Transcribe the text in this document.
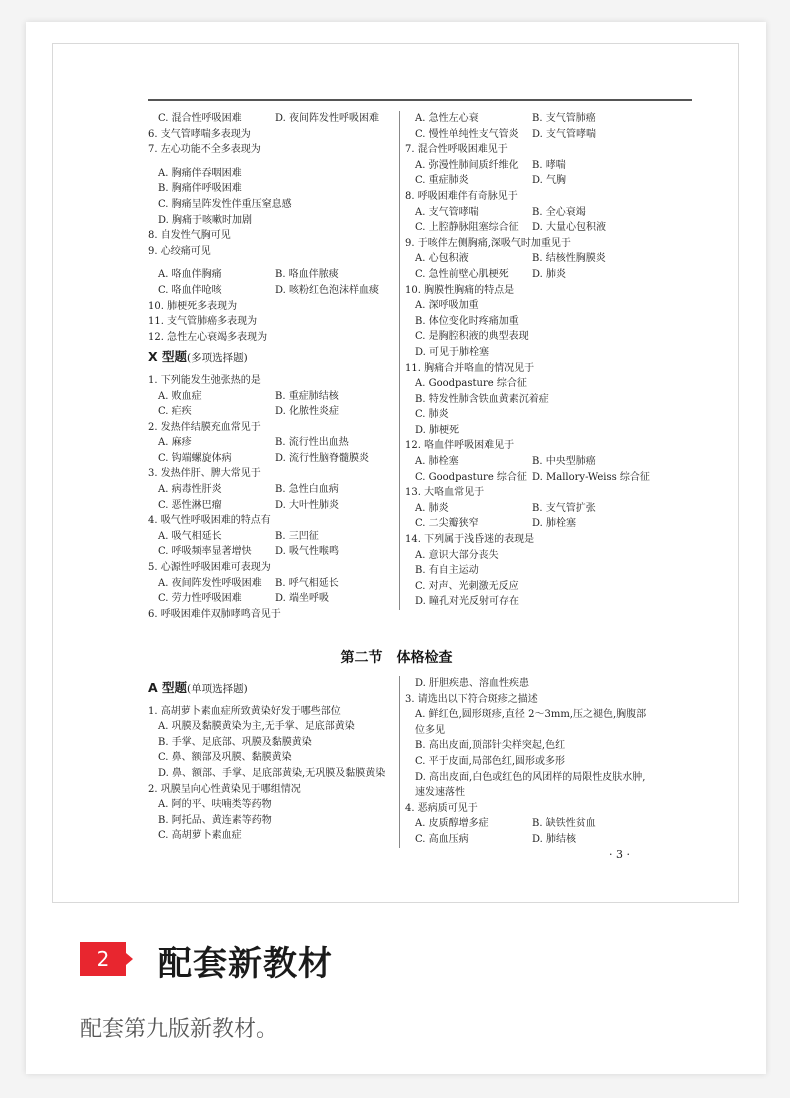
C. 混合性呼吸困难	D. 夜间阵发性呼吸困难
6. 支气管哮喘多表现为
7. 左心功能不全多表现为
A. 胸痛伴吞咽困难
B. 胸痛伴呼吸困难
C. 胸痛呈阵发性伴重压窒息感
D. 胸痛于咳嗽时加剧
8. 自发性气胸可见
9. 心绞痛可见
A. 咯血伴胸痛	B. 咯血伴脓痰
C. 咯血伴呛咳	D. 咳粉红色泡沫样血痰
10. 肺梗死多表现为
11. 支气管肺癌多表现为
12. 急性左心衰竭多表现为
X 型题(多项选择题)
1. 下列能发生弛张热的是
A. 败血症	B. 重症肺结核
C. 疟疾	D. 化脓性炎症
2. 发热伴结膜充血常见于
A. 麻疹	B. 流行性出血热
C. 钩端螺旋体病	D. 流行性脑脊髓膜炎
3. 发热伴肝、脾大常见于
A. 病毒性肝炎	B. 急性白血病
C. 恶性淋巴瘤	D. 大叶性肺炎
4. 吸气性呼吸困难的特点有
A. 吸气相延长	B. 三凹征
C. 呼吸频率显著增快	D. 吸气性喉鸣
5. 心源性呼吸困难可表现为
A. 夜间阵发性呼吸困难	B. 呼气相延长
C. 劳力性呼吸困难	D. 端坐呼吸
6. 呼吸困难伴双肺哮鸣音见于
A. 急性左心衰	B. 支气管肺癌
C. 慢性单纯性支气管炎	D. 支气管哮喘
7. 混合性呼吸困难见于
A. 弥漫性肺间质纤维化	B. 哮喘
C. 重症肺炎	D. 气胸
8. 呼吸困难伴有奇脉见于
A. 支气管哮喘	B. 全心衰竭
C. 上腔静脉阻塞综合征	D. 大量心包积液
9. 于咳伴左侧胸痛,深吸气时加重见于
A. 心包积液	B. 结核性胸膜炎
C. 急性前壁心肌梗死	D. 肺炎
10. 胸膜性胸痛的特点是
A. 深呼吸加重
B. 体位变化时疼痛加重
C. 是胸腔积液的典型表现
D. 可见于肺栓塞
11. 胸痛合并咯血的情况见于
A. Goodpasture 综合征
B. 特发性肺含铁血黄素沉着症
C. 肺炎
D. 肺梗死
12. 咯血伴呼吸困难见于
A. 肺栓塞	B. 中央型肺癌
C. Goodpasture 综合征 D. Mallory-Weiss 综合征
13. 大咯血常见于
A. 肺炎	B. 支气管扩张
C. 二尖瓣狭窄	D. 肺栓塞
14. 下列属于浅昏迷的表现是
A. 意识大部分丧失
B. 有自主运动
C. 对声、光刺激无反应
D. 瞳孔对光反射可存在
第二节　体格检查
A 型题(单项选择题)
1. 高胡萝卜素血症所致黄染好发于哪些部位
A. 巩膜及黏膜黄染为主,无手掌、足底部黄染
B. 手掌、足底部、巩膜及黏膜黄染
C. 鼻、额部及巩膜、黏膜黄染
D. 鼻、额部、手掌、足底部黄染,无巩膜及黏膜黄染
2. 巩膜呈向心性黄染见于哪组情况
A. 阿的平、呋喃类等药物
B. 阿托品、黄连素等药物
C. 高胡萝卜素血症
D. 肝胆疾患、溶血性疾患
3. 请选出以下符合斑疹之描述
A. 鲜红色,圆形斑疹,直径 2～3mm,压之褪色,胸腹部位多见
B. 高出皮面,顶部针尖样突起,色红
C. 平于皮面,局部色红,圆形或多形
D. 高出皮面,白色或红色的风团样的局限性皮肤水肿,速发速落性
4. 恶病质可见于
A. 皮质醇增多症	B. 缺铁性贫血
C. 高血压病	D. 肺结核
· 3 ·
2	配套新教材
配套第九版新教材。
